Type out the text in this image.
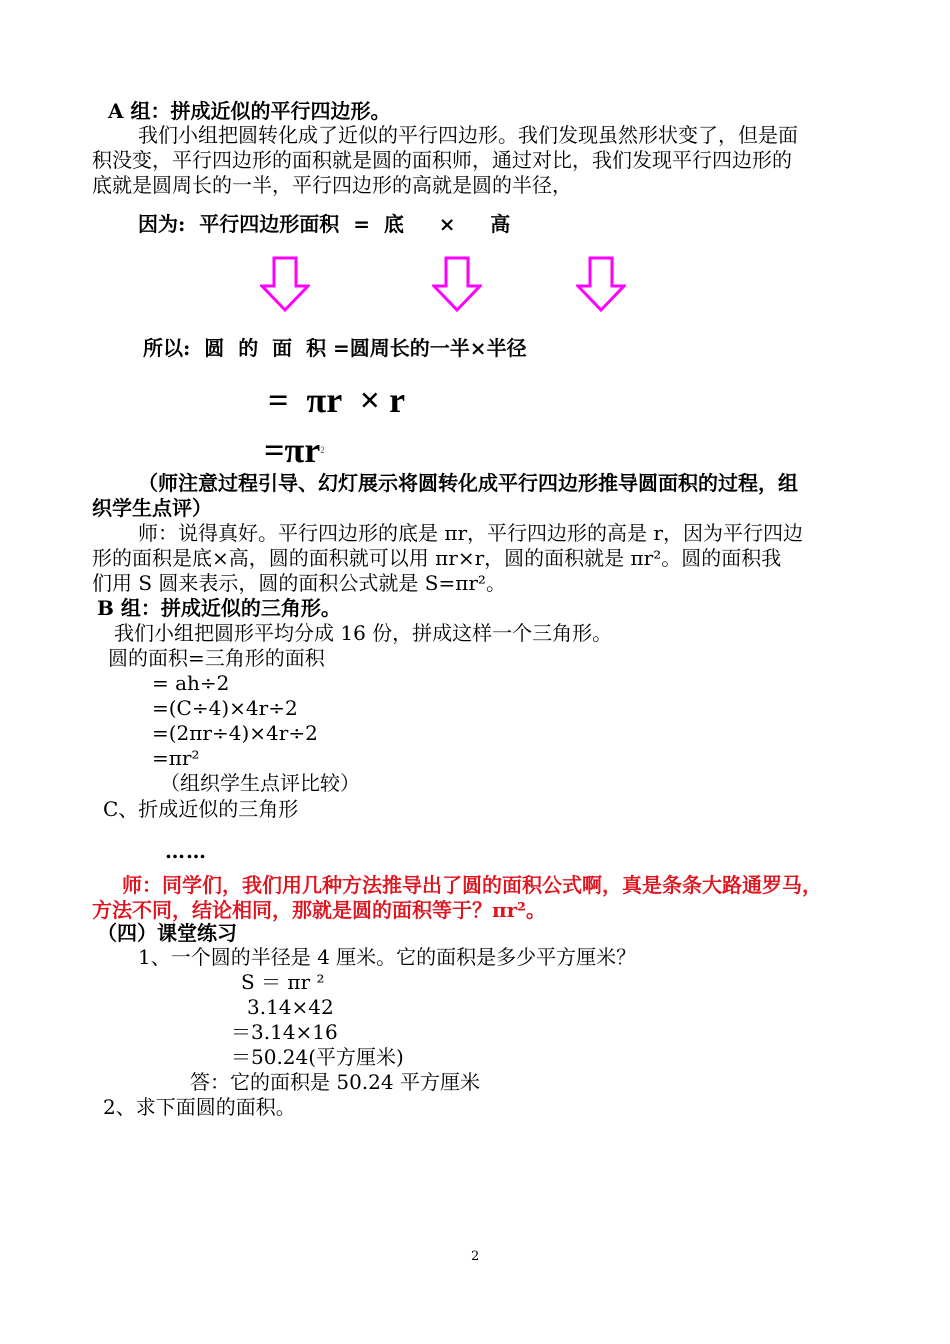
A 组：拼成近似的平行四边形。
我们小组把圆转化成了近似的平行四边形。我们发现虽然形状变了，但是面
积没变，平行四边形的面积就是圆的面积师，通过对比，我们发现平行四边形的
底就是圆周长的一半，平行四边形的高就是圆的半径，
因为:  平行四边形面积  =  底     ×     高
所以:  圆  的  面  积 =圆周长的一半×半径
=  πr  × r
$=\pi r^2$
（师注意过程引导、幻灯展示将圆转化成平行四边形推导圆面积的过程，组
织学生点评）
师：说得真好。平行四边形的底是 πr，平行四边形的高是 r，因为平行四边
形的面积是底×高，圆的面积就可以用 πr×r，圆的面积就是 πr²。圆的面积我
们用 S 圆来表示，圆的面积公式就是 S=πr²。
B 组：拼成近似的三角形。
我们小组把圆形平均分成 16 份，拼成这样一个三角形。
圆的面积=三角形的面积
= ah÷2
=(C÷4)×4r÷2
=(2πr÷4)×4r÷2
=πr²
（组织学生点评比较）
C、折成近似的三角形
……
师：同学们，我们用几种方法推导出了圆的面积公式啊，真是条条大路通罗马，
方法不同，结论相同，那就是圆的面积等于？πr²。
（四）课堂练习
1、一个圆的半径是 4 厘米。它的面积是多少平方厘米？
S ＝ πr ²
3.14×42
＝3.14×16
＝50.24(平方厘米)
答：它的面积是 50.24 平方厘米
2、求下面圆的面积。
2
